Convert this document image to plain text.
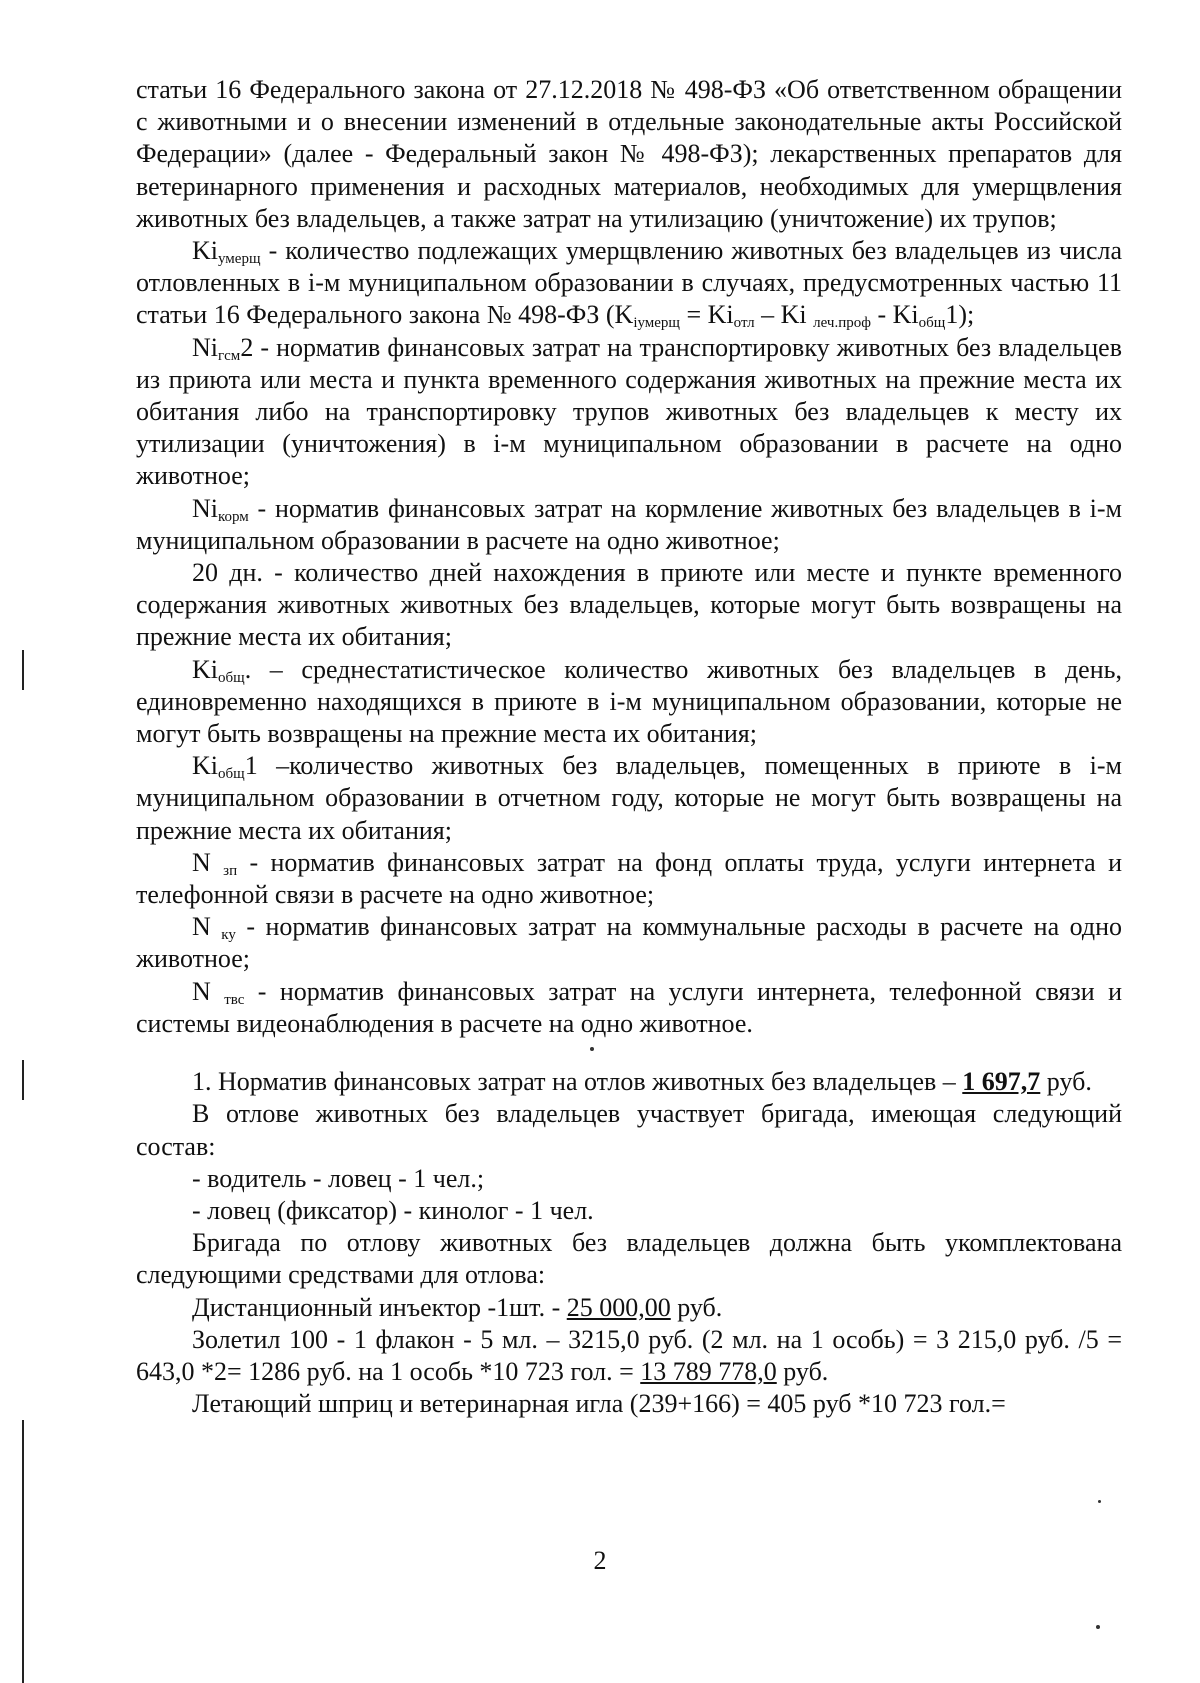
статьи 16 Федерального закона от 27.12.2018 № 498-ФЗ «Об ответственном обращении с животными и о внесении изменений в отдельные законодательные акты Российской Федерации» (далее - Федеральный закон № 498-ФЗ); лекарственных препаратов для ветеринарного применения и расходных материалов, необходимых для умерщвления животных без владельцев, а также затрат на утилизацию (уничтожение) их трупов;

$Ki_{умерщ}$ - количество подлежащих умерщвлению животных без владельцев из числа отловленных в i-м муниципальном образовании в случаях, предусмотренных частью 11 статьи 16 Федерального закона № 498-ФЗ ($K_{iумерщ} = Ki_{отл} - Ki$ $_{леч.проф} - Ki_{общ}1$);

$Ni_{гсм}2$ - норматив финансовых затрат на транспортировку животных без владельцев из приюта или места и пункта временного содержания животных на прежние места их обитания либо на транспортировку трупов животных без владельцев к месту их утилизации (уничтожения) в i-м муниципальном образовании в расчете на одно животное;

$Ni_{корм}$ - норматив финансовых затрат на кормление животных без владельцев в i-м муниципальном образовании в расчете на одно животное;

20 дн. - количество дней нахождения в приюте или месте и пункте временного содержания животных животных без владельцев, которые могут быть возвращены на прежние места их обитания;

$Ki_{общ}$. – среднестатистическое количество животных без владельцев в день, единовременно находящихся в приюте в i-м муниципальном образовании, которые не могут быть возвращены на прежние места их обитания;

$Ki_{общ}1$ –количество животных без владельцев, помещенных в приюте в i-м муниципальном образовании в отчетном году, которые не могут быть возвращены на прежние места их обитания;

N $_{зп}$ - норматив финансовых затрат на фонд оплаты труда, услуги интернета и телефонной связи в расчете на одно животное;

N $_{ку}$ - норматив финансовых затрат на коммунальные расходы в расчете на одно животное;

N $_{твс}$ - норматив финансовых затрат на услуги интернета, телефонной связи и системы видеонаблюдения в расчете на одно животное.

1. Норматив финансовых затрат на отлов животных без владельцев – 1 697,7 руб.

В отлове животных без владельцев участвует бригада, имеющая следующий состав:

- водитель - ловец - 1 чел.;

- ловец (фиксатор) - кинолог - 1 чел.

Бригада по отлову животных без владельцев должна быть укомплектована следующими средствами для отлова:

Дистанционный инъектор -1шт. - 25 000,00 руб.

Золетил 100 - 1 флакон - 5 мл. – 3215,0 руб. (2 мл. на 1 особь) = 3 215,0 руб. /5 = 643,0 *2= 1286 руб. на 1 особь *10 723 гол. = 13 789 778,0 руб.

Летающий шприц и ветеринарная игла (239+166) = 405 руб *10 723 гол.=

2
